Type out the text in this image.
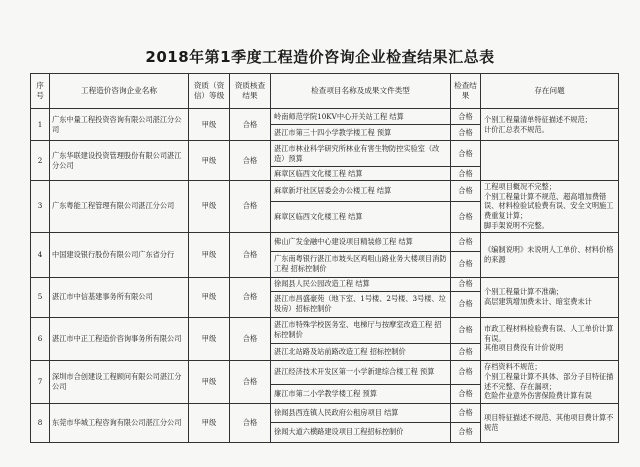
2018年第1季度工程造价咨询企业检查结果汇总表
序号	工程造价咨询企业名称	资质（资信）等级	资质核查结果	检查项目名称及成果文件类型	检查结果	存在问题
1	广东中量工程投资咨询有限公司湛江分公司	甲级	合格	岭南师范学院10KV中心开关站工程 结算	合格	个别工程量清单特征描述不规范；
计价汇总表不规范。

				湛江市第三十四小学教学楼工程 预算	合格	
2	广东华联建设投资管理股份有限公司湛江分公司	甲级	合格	湛江市林业科学研究所林业有害生物防控实验室（改造）预算	合格	
				麻章区临西文化楼工程 结算	合格	
3	广东粤能工程管理有限公司湛江分公司	甲级	合格	麻章新圩社区居委会办公楼工程 结算	合格	工程项目概况不完整；
个别工程量计算不规范、超高增加费错误、材料检验试验费有误、安全文明施工费重复计算；
脚手架说明不完整。

				麻章区临西文化楼工程 结算	合格	
4	中国建设银行股份有限公司广东省分行	甲级	合格	佛山广发金融中心建设项目精装修工程 结算	合格	《编制说明》未说明人工单价、材料价格的来源

				广东南粤银行湛江市坡头区鸡咀山路业务大楼项目消防工程 招标控制价	合格	
5	湛江市中信基建事务所有限公司	甲级	合格	徐闻县人民公园改造工程 结算	合格	个别工程量计算不准确；
高层建筑增加费未计、暗室费未计

				湛江市昌盛豪苑（地下室、1号楼、2号楼、3号楼、垃圾房）招标控制价	合格	
6	湛江市中正工程造价咨询事务所有限公司	甲级	合格	湛江市特殊学校医务室、电梯厅与按摩室改造工程 招标控制价	合格	市政工程材料检验费有误、人工单价计算有误。
其他项目费没有计价说明

				湛江北站路及站前路改造工程 招标控制价	合格	
7	深圳市合创建设工程顾问有限公司湛江分公司	甲级	合格	湛江经济技术开发区第一小学新建综合楼工程 预算	合格	存档资料不规范；
个别工程量计算不具体、部分子目特征描述不完整、存在漏项；
危险作业意外伤害保险费计算有误

				廉江市第二小学教学楼工程 预算	合格	
8	东莞市华城工程咨询有限公司湛江分公司	甲级	合格	徐闻县西连镇人民政府公租房项目 结算	合格	项目特征描述不规范、其他项目费计算不规范

				徐闻大道六横路建设项目工程招标控制价	合格	
